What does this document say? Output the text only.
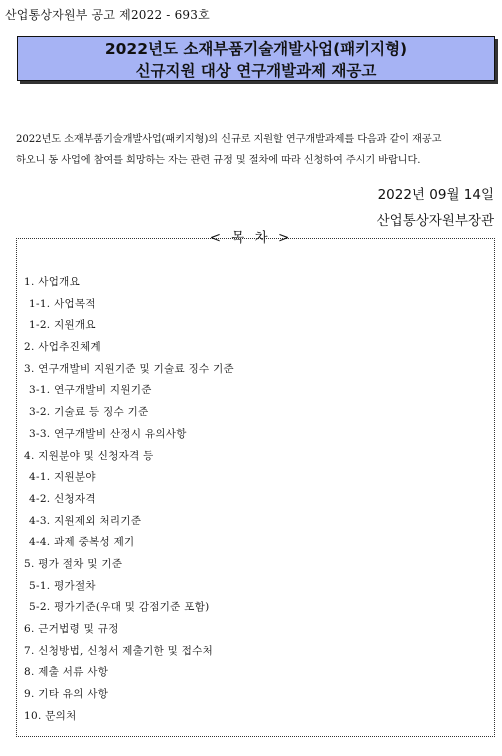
산업통상자원부 공고 제2022 - 693호
2022년도 소재부품기술개발사업(패키지형)
신규지원 대상 연구개발과제 재공고
2022년도 소재부품기술개발사업(패키지형)의 신규로 지원할 연구개발과제를 다음과 같이 재공고
하오니 동 사업에 참여를 희망하는 자는 관련 규정 및 절차에 따라 신청하여 주시기 바랍니다.
2022년 09월 14일
산업통상자원부장관
< 목 차 >
1. 사업개요
1-1. 사업목적
1-2. 지원개요
2. 사업추진체계
3. 연구개발비 지원기준 및 기술료 징수 기준
3-1. 연구개발비 지원기준
3-2. 기술료 등 징수 기준
3-3. 연구개발비 산정시 유의사항
4. 지원분야 및 신청자격 등
4-1. 지원분야
4-2. 신청자격
4-3. 지원제외 처리기준
4-4. 과제 중복성 제기
5. 평가 절차 및 기준
5-1. 평가절차
5-2. 평가기준(우대 및 감점기준 포함)
6. 근거법령 및 규정
7. 신청방법, 신청서 제출기한 및 접수처
8. 제출 서류 사항
9. 기타 유의 사항
10. 문의처
